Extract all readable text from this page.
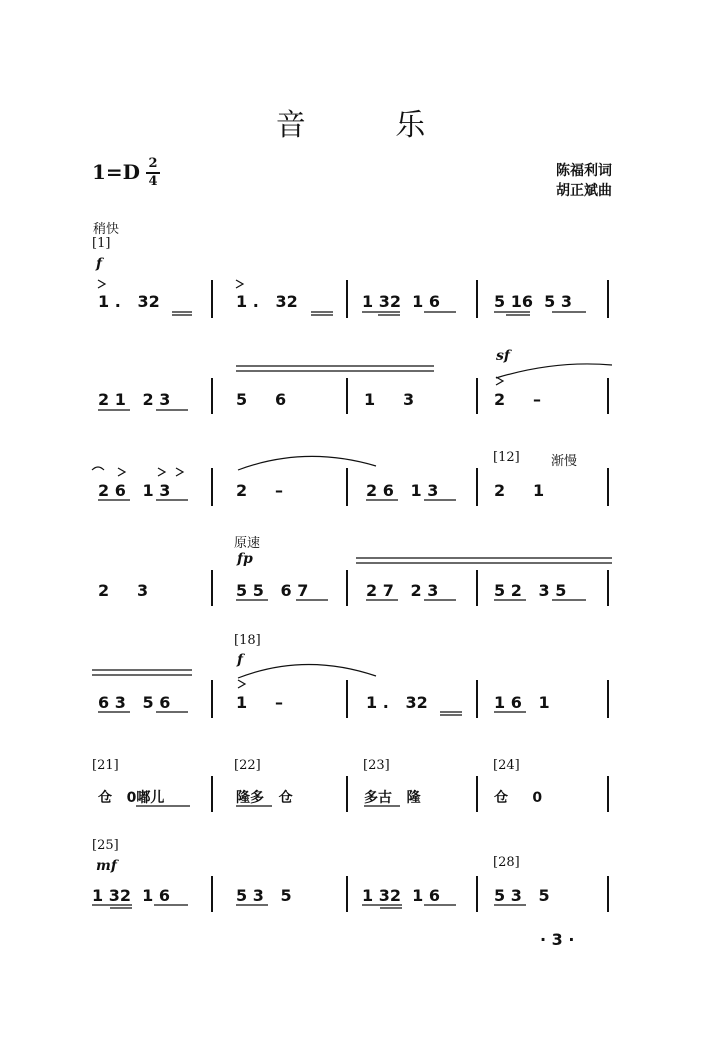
音 乐
1=D 2
4
陈福利词
胡正斌曲
稍快
渐慢
原速
[1]
[12]
[18]
[21]	[22]	[23]	[24]
[25]
[28]
f
sf
fp
f
mf
1 .   32	1 .   32	1 32  1 6	5 16  5 3
2 1   2 3	5     6	1     3	2     –
2 6   1 3	2     –	2 6   1 3	2     1
2     3	5 5   6 7	2 7   2 3	5 2   3 5
6 3   5 6	1     –	1 .   32	1 6   1
仓   0嘟儿	隆多   仓	多古   隆	仓     0
1 32  1 6	5 3   5	1 32  1 6	5 3   5
· 3 ·
